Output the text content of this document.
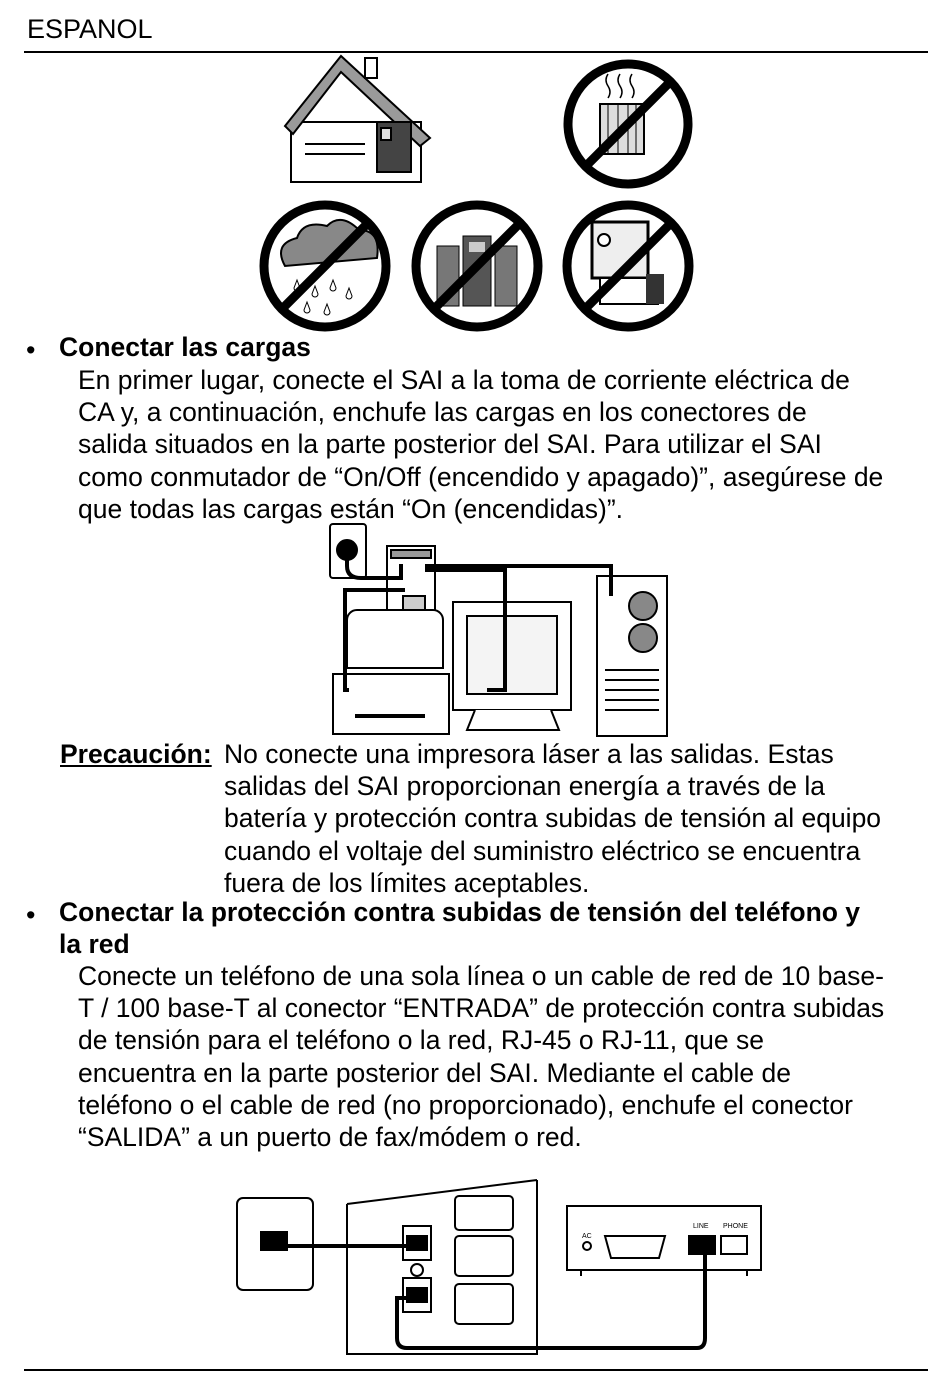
ESPANOL
• Conectar las cargas
En primer lugar, conecte el SAI a la toma de corriente eléctrica de
CA y, a continuación, enchufe las cargas en los conectores de
salida situados en la parte posterior del SAI. Para utilizar el SAI
como conmutador de “On/Off (encendido y apagado)”, asegúrese de
que todas las cargas están “On (encendidas)”.
Precaución: No conecte una impresora láser a las salidas. Estas
salidas del SAI proporcionan energía a través de la
batería y protección contra subidas de tensión al equipo
cuando el voltaje del suministro eléctrico se encuentra
fuera de los límites aceptables.
• Conectar la protección contra subidas de tensión del teléfono y
la red
Conecte un teléfono de una sola línea o un cable de red de 10 base-
T / 100 base-T al conector “ENTRADA” de protección contra subidas
de tensión para el teléfono o la red, RJ-45 o RJ-11, que se
encuentra en la parte posterior del SAI. Mediante el cable de
teléfono o el cable de red (no proporcionado), enchufe el conector
“SALIDA” a un puerto de fax/módem o red.
AC
LINE PHONE
